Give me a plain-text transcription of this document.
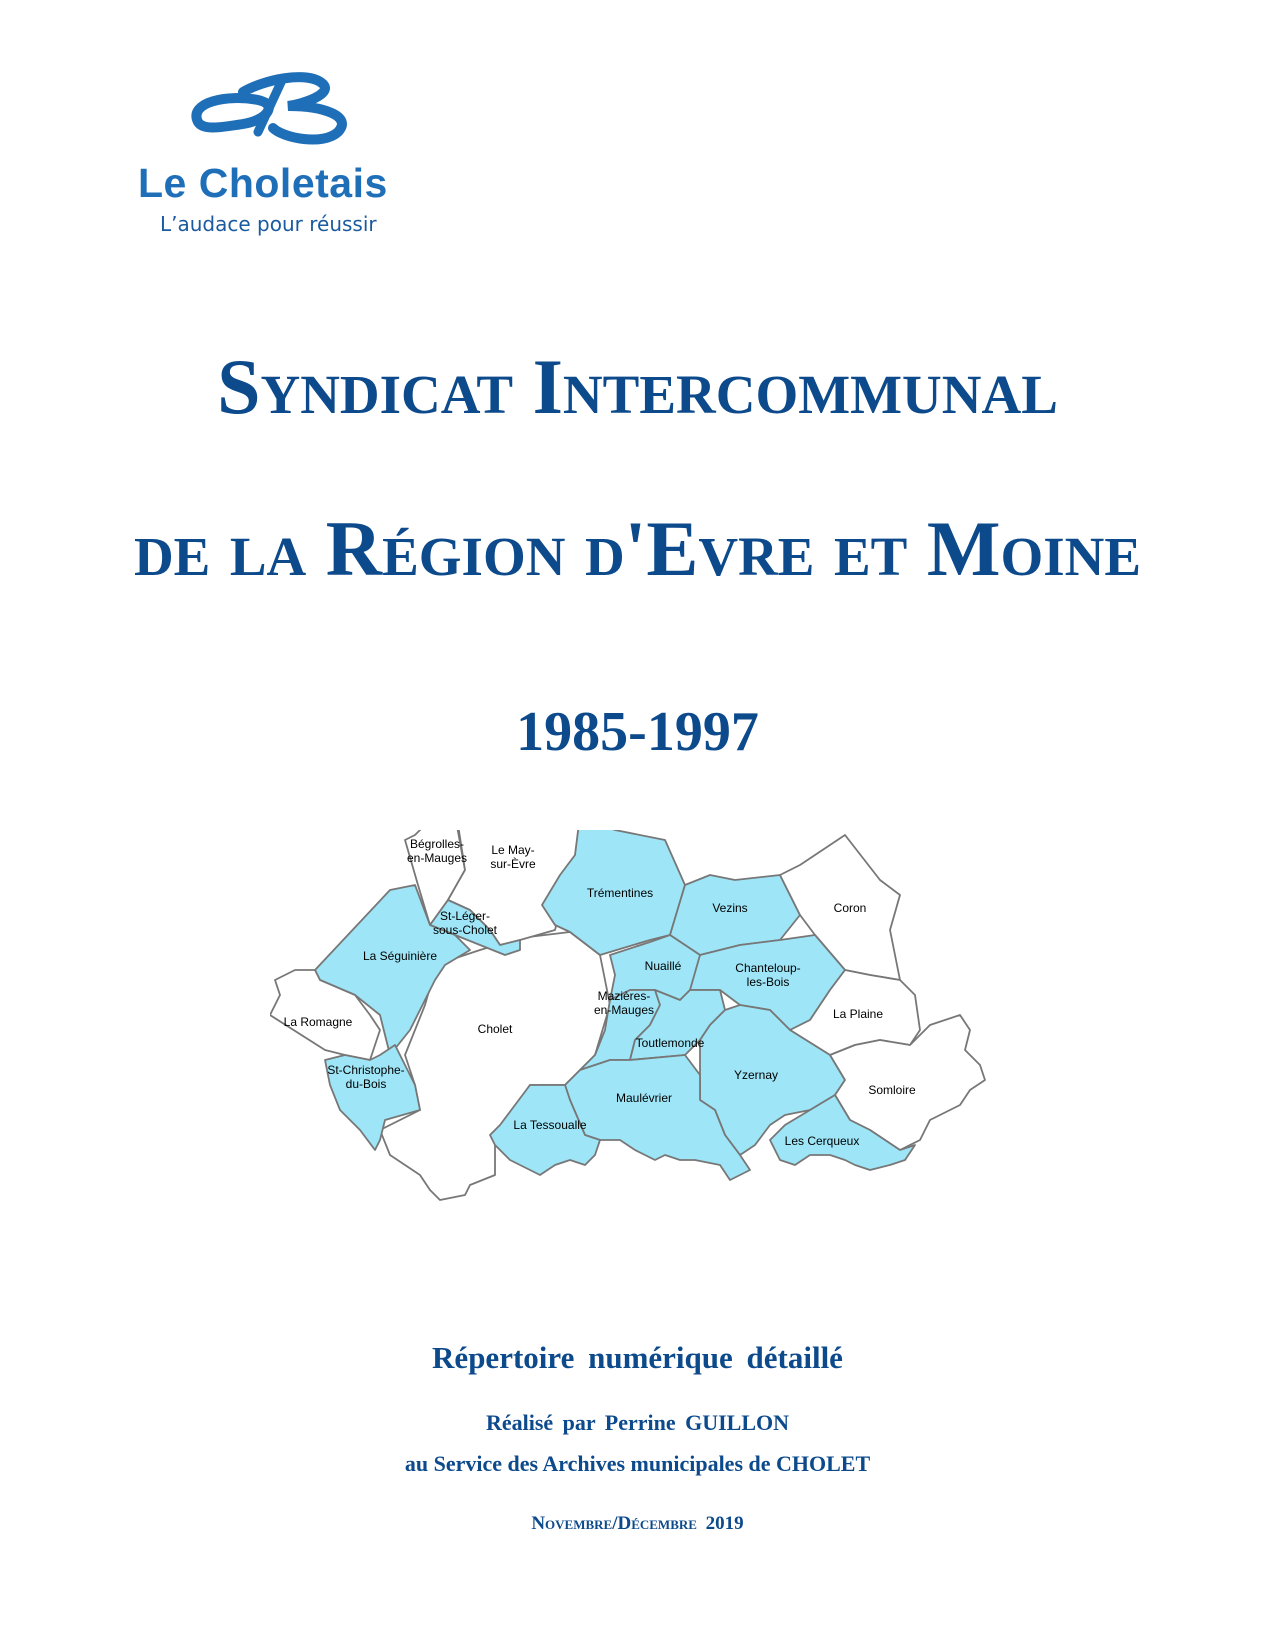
Le Choletais
L’audace pour réussir
Syndicat Intercommunal
de la Région d'Evre et Moine
1985-1997
Bégrolles-en-Mauges
Le May-sur-Èvre
Trémentines
Vezins	Coron
St-Léger-sous-Cholet
La Séguinière
Nuaillé	Chanteloup-les-Bois
La Romagne	Cholet
Mazières-en-Mauges	La Plaine
Toutlemonde
St-Christophe-du-Bois
Yzernay
Somloire
Maulévrier
La Tessoualle
Les Cerqueux
Répertoire numérique détaillé
Réalisé par Perrine GUILLON
au Service des Archives municipales de CHOLET
Novembre/Décembre 2019
